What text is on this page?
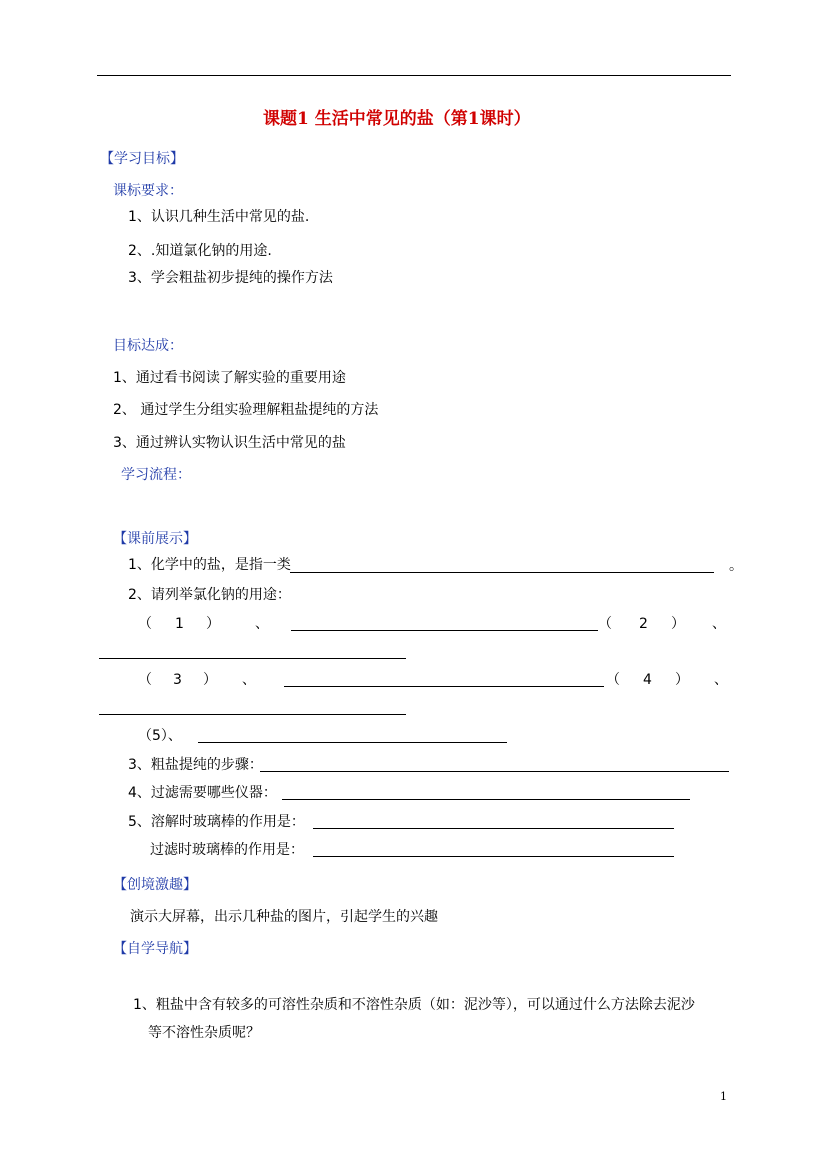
课题1 生活中常见的盐（第1课时）
【学习目标】
课标要求：
1、认识几种生活中常见的盐.
2、.知道氯化钠的用途.
3、学会粗盐初步提纯的操作方法
目标达成：
1、通过看书阅读了解实验的重要用途
2、 通过学生分组实验理解粗盐提纯的方法
3、通过辨认实物认识生活中常见的盐
学习流程：
【课前展示】
1、化学中的盐，是指一类	。
2、请列举氯化钠的用途：
（ 1 ）	、	（ 2 ） 、
（ 3 ） 、	（ 4 ） 、
（5）、
3、粗盐提纯的步骤：
4、过滤需要哪些仪器：
5、溶解时玻璃棒的作用是：
过滤时玻璃棒的作用是：
【创境激趣】
演示大屏幕，出示几种盐的图片，引起学生的兴趣
【自学导航】
1、粗盐中含有较多的可溶性杂质和不溶性杂质（如：泥沙等），可以通过什么方法除去泥沙
等不溶性杂质呢？
1
